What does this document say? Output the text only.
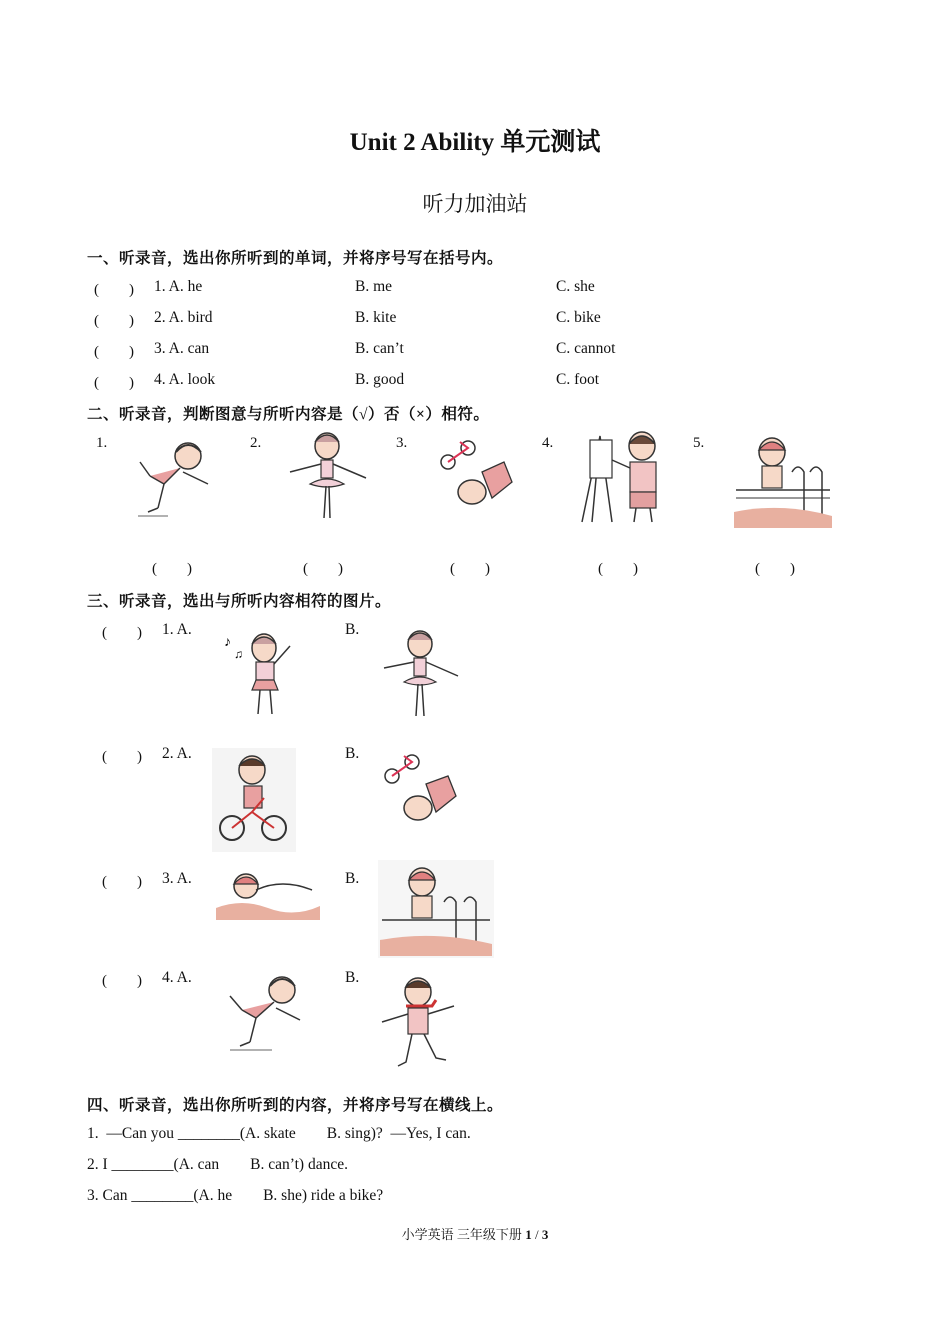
Unit 2 Ability 单元测试
听力加油站
一、听录音，选出你所听到的单词，并将序号写在括号内。
(　　) 1. A. he	B. me	C. she
(　　) 2. A. bird	B. kite	C. bike
(　　) 3. A. can	B. can’t	C. cannot
(　　) 4. A. look	B. good	C. foot
二、听录音，判断图意与所听内容是（√）否（×）相符。
1.	2.	3.	4.	5.
(　　)	(　　)	(　　)	(　　)	(　　)
三、听录音，选出与所听内容相符的图片。
(　　) 1. A.	B.
♪
♫
(　　) 2. A.	B.
(　　) 3. A.	B.
(　　) 4. A.	B.
四、听录音，选出你所听到的内容，并将序号写在横线上。
1.  —Can you ________(A. skate        B. sing)?  —Yes, I can.
2. I ________(A. can        B. can’t) dance.
3. Can ________(A. he        B. she) ride a bike?
小学英语 三年级下册 1 / 3
